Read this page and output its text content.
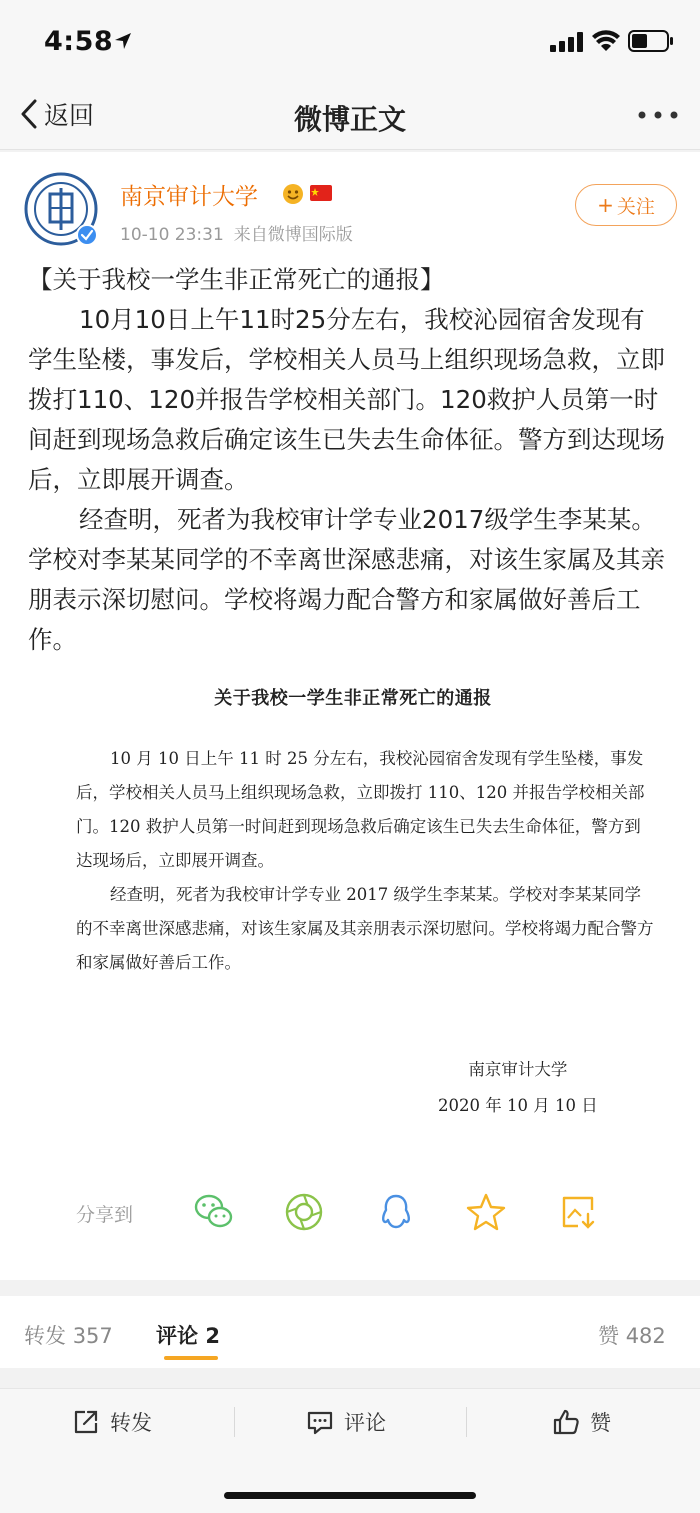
4:58
返回	微博正文
南京审计大学
10-10 23:31 来自微博国际版
+ 关注

【关于我校一学生非正常死亡的通报】

10月10日上午11时25分左右，我校沁园宿舍发现有学生坠楼，事发后，学校相关人员马上组织现场急救，立即拨打110、120并报告学校相关部门。120救护人员第一时间赶到现场急救后确定该生已失去生命体征。警方到达现场后，立即展开调查。

经查明，死者为我校审计学专业2017级学生李某某。学校对李某某同学的不幸离世深感悲痛，对该生家属及其亲朋表示深切慰问。学校将竭力配合警方和家属做好善后工作。

关于我校一学生非正常死亡的通报

10 月 10 日上午 11 时 25 分左右，我校沁园宿舍发现有学生坠楼，事发后，学校相关人员马上组织现场急救，立即拨打 110、120 并报告学校相关部门。120 救护人员第一时间赶到现场急救后确定该生已失去生命体征，警方到达现场后，立即展开调查。

经查明，死者为我校审计学专业 2017 级学生李某某。学校对李某某同学的不幸离世深感悲痛，对该生家属及其亲朋表示深切慰问。学校将竭力配合警方和家属做好善后工作。

南京审计大学
2020 年 10 月 10 日
分享到
转发 357 评论 2	赞 482
转发	评论	赞
